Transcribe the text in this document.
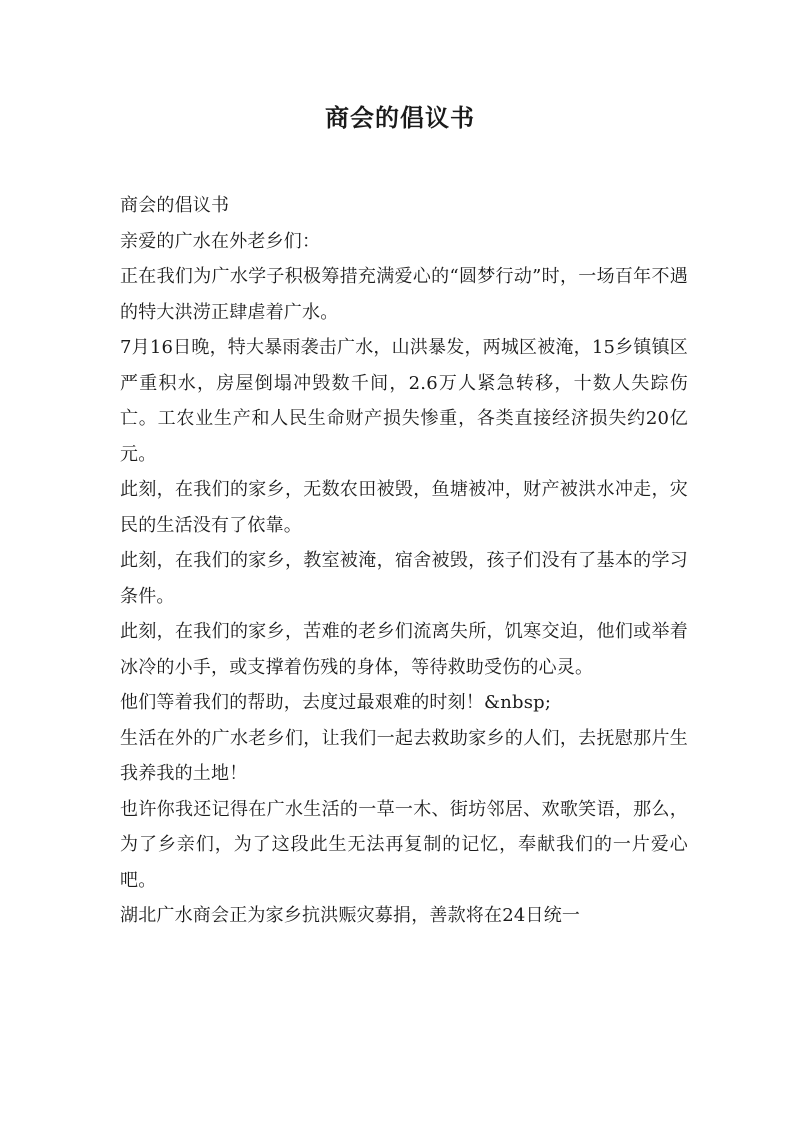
商会的倡议书

商会的倡议书

亲爱的广水在外老乡们：

正在我们为广水学子积极筹措充满爱心的“圆梦行动”时，一场百年不遇的特大洪涝正肆虐着广水。

7月16日晚，特大暴雨袭击广水，山洪暴发，两城区被淹，15乡镇镇区严重积水，房屋倒塌冲毁数千间，2.6万人紧急转移，十数人失踪伤亡。工农业生产和人民生命财产损失惨重，各类直接经济损失约20亿元。

此刻，在我们的家乡，无数农田被毁，鱼塘被冲，财产被洪水冲走，灾民的生活没有了依靠。

此刻，在我们的家乡，教室被淹，宿舍被毁，孩子们没有了基本的学习条件。

此刻，在我们的家乡，苦难的老乡们流离失所，饥寒交迫，他们或举着冰冷的小手，或支撑着伤残的身体，等待救助受伤的心灵。

他们等着我们的帮助，去度过最艰难的时刻！&nbsp;

生活在外的广水老乡们，让我们一起去救助家乡的人们，去抚慰那片生我养我的土地！

也许你我还记得在广水生活的一草一木、街坊邻居、欢歌笑语，那么，为了乡亲们，为了这段此生无法再复制的记忆，奉献我们的一片爱心吧。

湖北广水商会正为家乡抗洪赈灾募捐，善款将在24日统一
